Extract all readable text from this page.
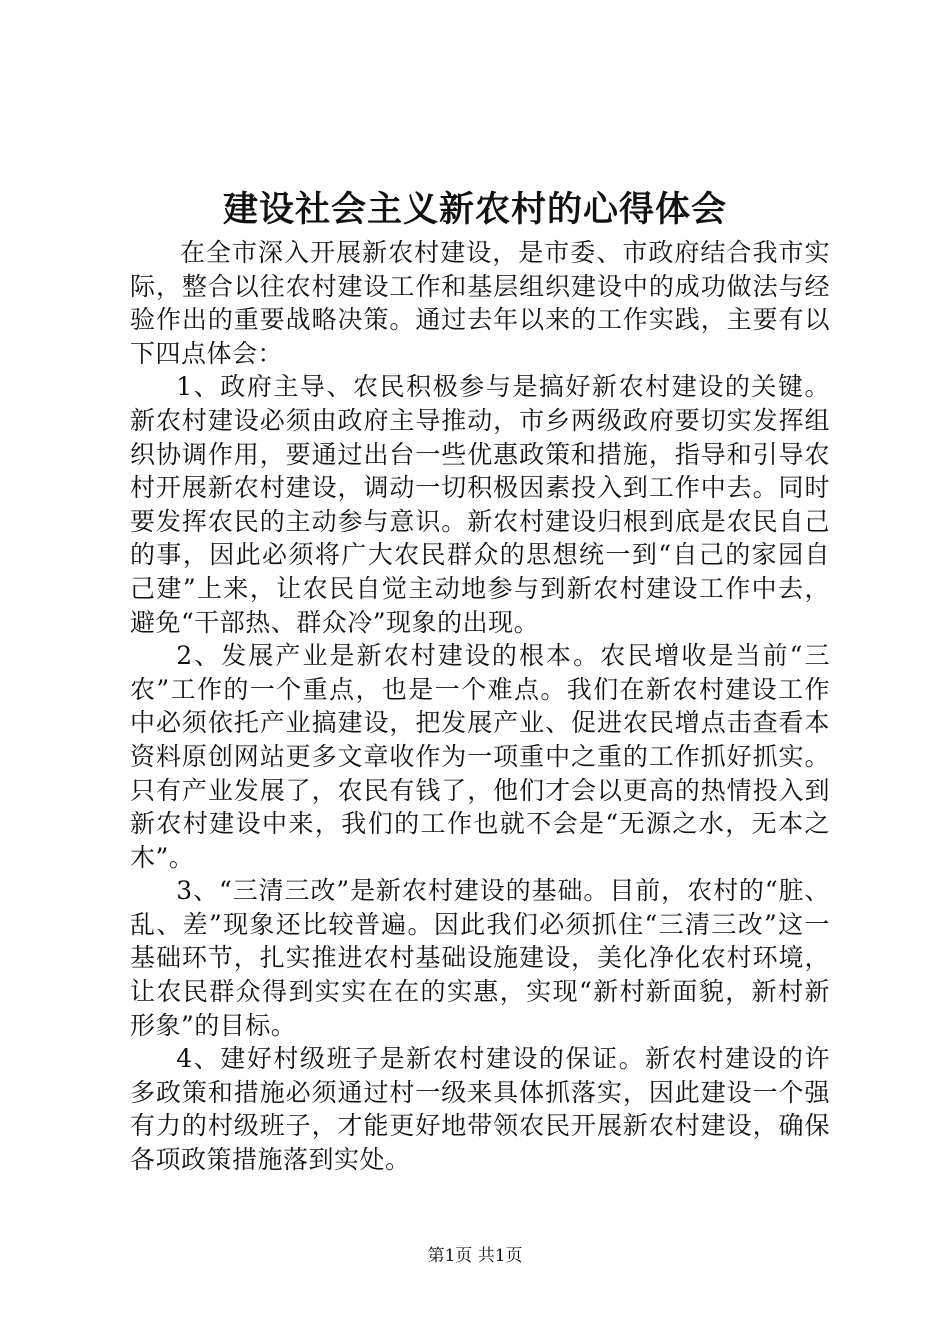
建设社会主义新农村的心得体会

在全市深入开展新农村建设，是市委、市政府结合我市实际，整合以往农村建设工作和基层组织建设中的成功做法与经验作出的重要战略决策。通过去年以来的工作实践，主要有以下四点体会：

1、政府主导、农民积极参与是搞好新农村建设的关键。新农村建设必须由政府主导推动，市乡两级政府要切实发挥组织协调作用，要通过出台一些优惠政策和措施，指导和引导农村开展新农村建设，调动一切积极因素投入到工作中去。同时要发挥农民的主动参与意识。新农村建设归根到底是农民自己的事，因此必须将广大农民群众的思想统一到“自己的家园自己建”上来，让农民自觉主动地参与到新农村建设工作中去，避免“干部热、群众冷”现象的出现。

2、发展产业是新农村建设的根本。农民增收是当前“三农”工作的一个重点，也是一个难点。我们在新农村建设工作中必须依托产业搞建设，把发展产业、促进农民增点击查看本资料原创网站更多文章收作为一项重中之重的工作抓好抓实。只有产业发展了，农民有钱了，他们才会以更高的热情投入到新农村建设中来，我们的工作也就不会是“无源之水，无本之木”。

3、“三清三改”是新农村建设的基础。目前，农村的“脏、乱、差”现象还比较普遍。因此我们必须抓住“三清三改”这一基础环节，扎实推进农村基础设施建设，美化净化农村环境，让农民群众得到实实在在的实惠，实现“新村新面貌，新村新形象”的目标。

4、建好村级班子是新农村建设的保证。新农村建设的许多政策和措施必须通过村一级来具体抓落实，因此建设一个强有力的村级班子，才能更好地带领农民开展新农村建设，确保各项政策措施落到实处。

第1页 共1页
